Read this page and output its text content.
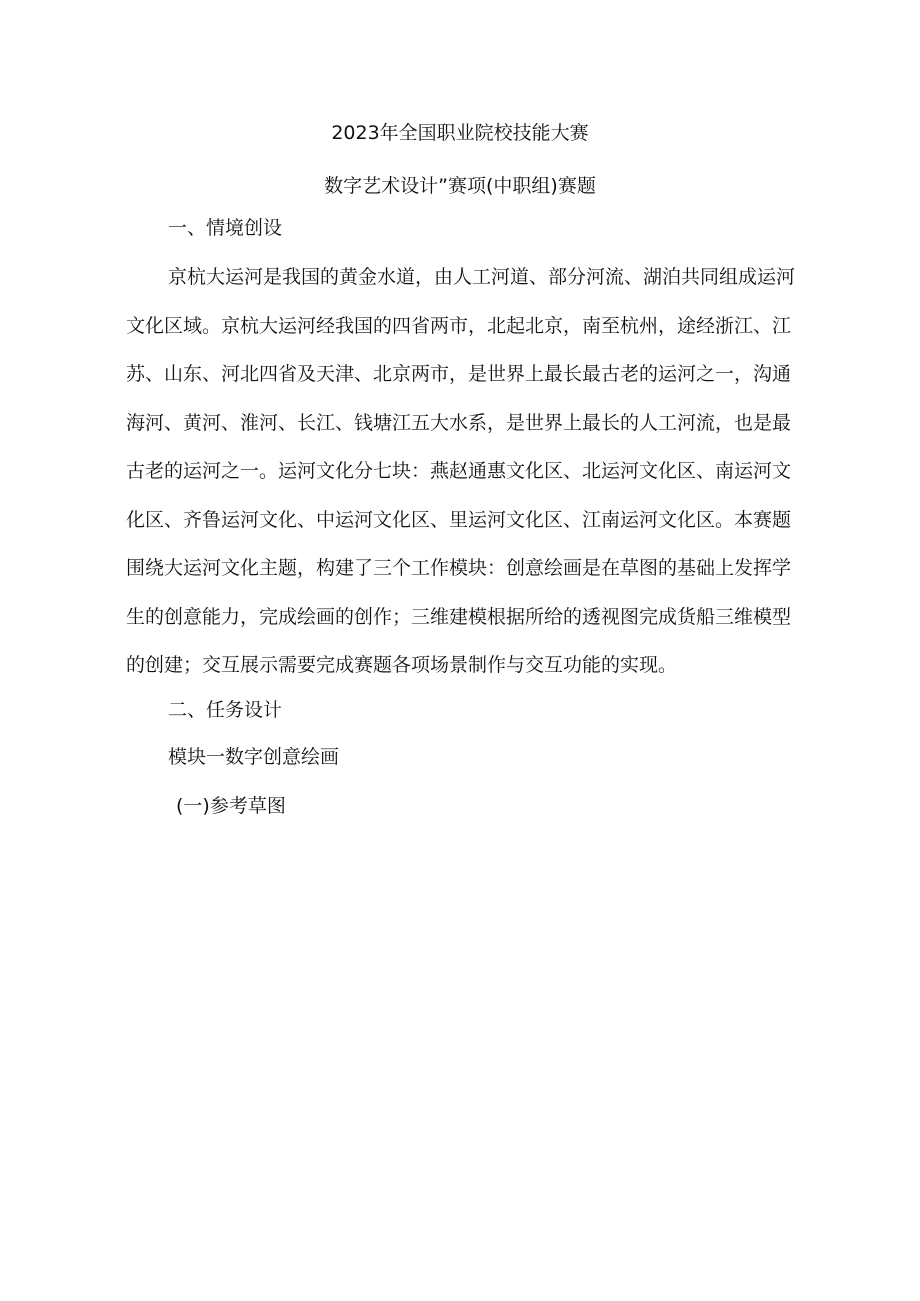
2023年全国职业院校技能大赛
数字艺术设计”赛项(中职组)赛题
一、情境创设
京杭大运河是我国的黄金水道，由人工河道、部分河流、湖泊共同组成运河
文化区域。京杭大运河经我国的四省两市，北起北京，南至杭州，途经浙江、江
苏、山东、河北四省及天津、北京两市，是世界上最长最古老的运河之一，沟通
海河、黄河、淮河、长江、钱塘江五大水系，是世界上最长的人工河流，也是最
古老的运河之一。运河文化分七块：燕赵通惠文化区、北运河文化区、南运河文
化区、齐鲁运河文化、中运河文化区、里运河文化区、江南运河文化区。本赛题
围绕大运河文化主题，构建了三个工作模块：创意绘画是在草图的基础上发挥学
生的创意能力，完成绘画的创作；三维建模根据所给的透视图完成货船三维模型
的创建；交互展示需要完成赛题各项场景制作与交互功能的实现。
二、任务设计
模块一数字创意绘画
(一)参考草图
